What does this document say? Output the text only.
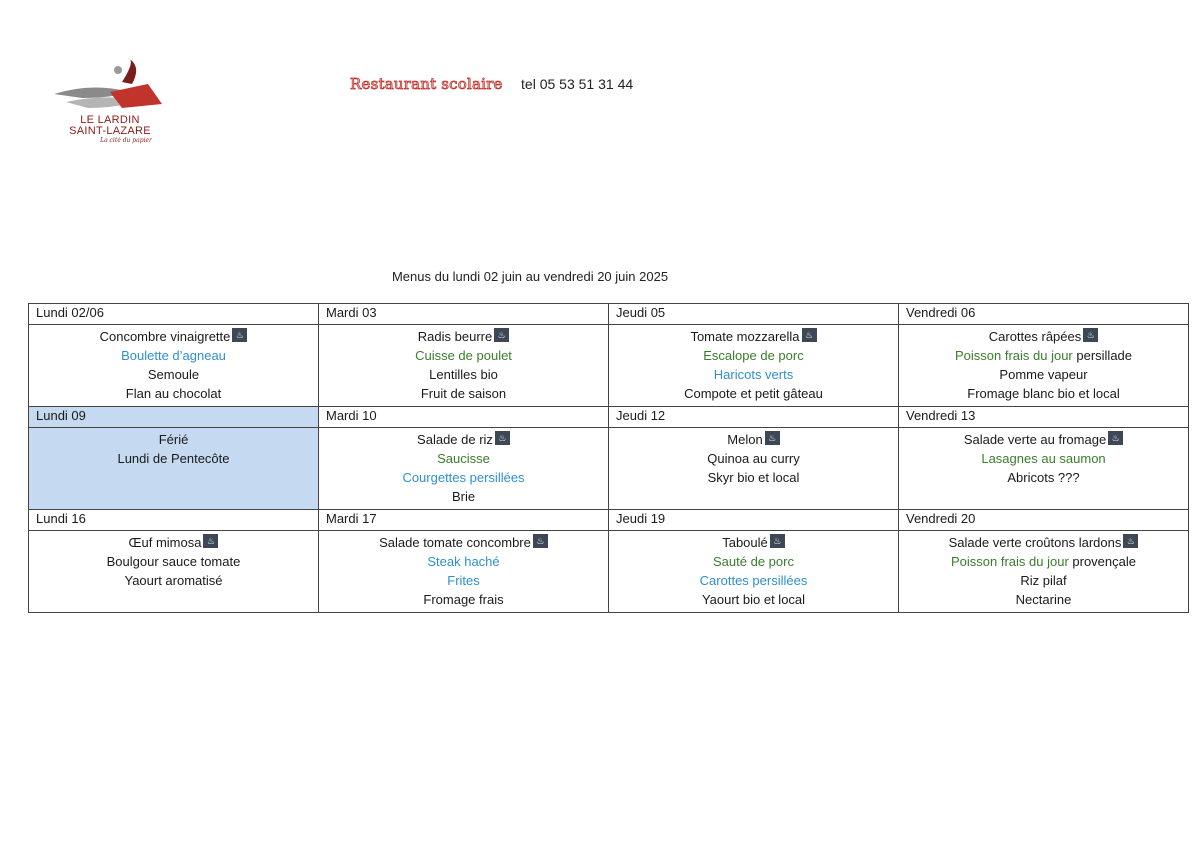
LE LARDIN
SAINT-LAZARE
La cité du papier
Restaurant scolaire tel 05 53 51 31 44
Menus du lundi 02 juin au vendredi 20 juin 2025
Lundi 02/06	Mardi 03	Jeudi 05	Vendredi 06

Concombre vinaigrette ♨
Boulette d’agneau
Semoule
Flan au chocolat	Radis beurre ♨
Cuisse de poulet
Lentilles bio
Fruit de saison	Tomate mozzarella ♨
Escalope de porc
Haricots verts
Compote et petit gâteau	Carottes râpées ♨
Poisson frais du jour persillade
Pomme vapeur
Fromage blanc bio et local

Lundi 09	Mardi 10	Jeudi 12	Vendredi 13

Férié
Lundi de Pentecôte	Salade de riz ♨
Saucisse
Courgettes persillées
Brie	Melon ♨
Quinoa au curry
Skyr bio et local	Salade verte au fromage ♨
Lasagnes au saumon
Abricots ???

Lundi 16	Mardi 17	Jeudi 19	Vendredi 20

Œuf mimosa ♨
Boulgour sauce tomate
Yaourt aromatisé	Salade tomate concombre ♨
Steak haché
Frites
Fromage frais	Taboulé ♨
Sauté de porc
Carottes persillées
Yaourt bio et local	Salade verte croûtons lardons ♨
Poisson frais du jour provençale
Riz pilaf
Nectarine
